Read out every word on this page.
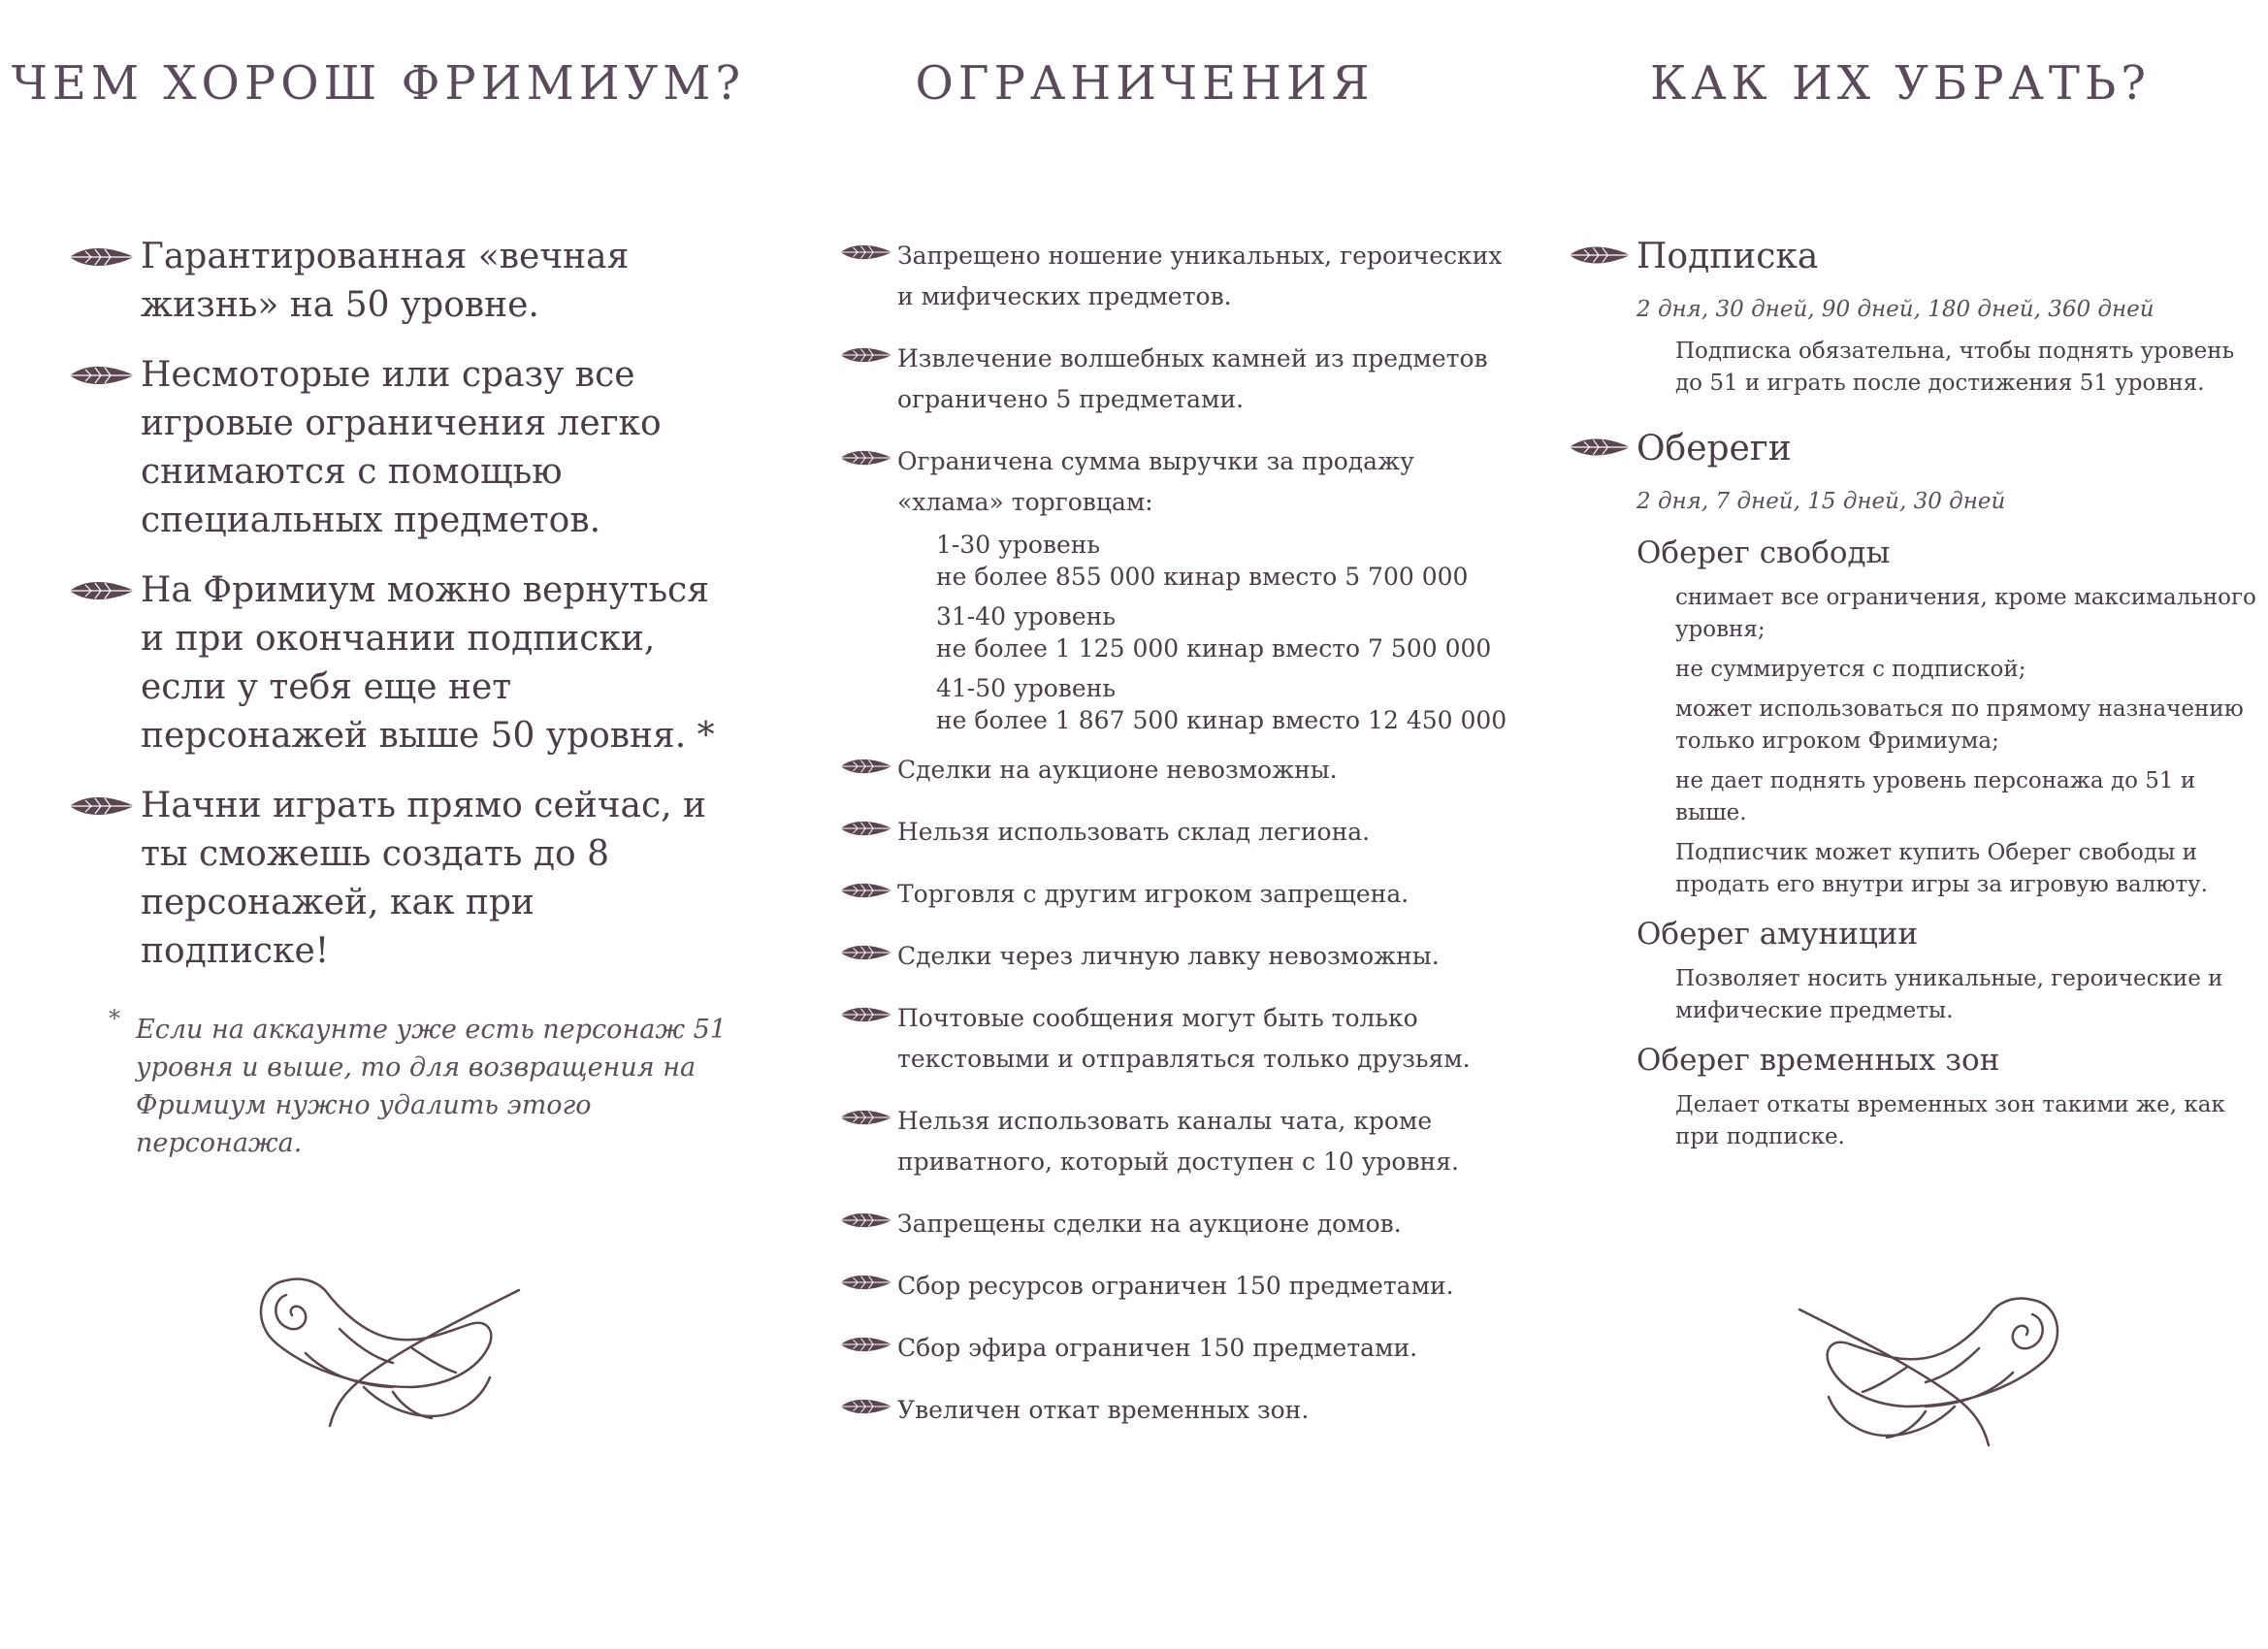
ЧЕМ ХОРОШ ФРИМИУМ?
Гарантированная «вечная жизнь» на 50 уровне.
Несмоторые или сразу все игровые ограничения легко снимаются с помощью специальных предметов.
На Фримиум можно вернуться и при окончании подписки, если у тебя еще нет персонажей выше 50 уровня. *
Начни играть прямо сейчас, и ты сможешь создать до 8 персонажей, как при подписке!
* Если на аккаунте уже есть персонаж 51 уровня и выше, то для возвращения на Фримиум нужно удалить этого персонажа.
ОГРАНИЧЕНИЯ
Запрещено ношение уникальных, героических и мифических предметов.
Извлечение волшебных камней из предметов ограничено 5 предметами.
Ограничена сумма выручки за продажу «хлама» торговцам:
1-30 уровень
не более 855 000 кинар вместо 5 700 000
31-40 уровень
не более 1 125 000 кинар вместо 7 500 000
41-50 уровень
не более 1 867 500 кинар вместо 12 450 000
Сделки на аукционе невозможны.
Нельзя использовать склад легиона.
Торговля с другим игроком запрещена.
Сделки через личную лавку невозможны.
Почтовые сообщения могут быть только текстовыми и отправляться только друзьям.
Нельзя использовать каналы чата, кроме приватного, который доступен с 10 уровня.
Запрещены сделки на аукционе домов.
Сбор ресурсов ограничен 150 предметами.
Сбор эфира ограничен 150 предметами.
Увеличен откат временных зон.
КАК ИХ УБРАТЬ?
Подписка
2 дня, 30 дней, 90 дней, 180 дней, 360 дней
Подписка обязательна, чтобы поднять уровень до 51 и играть после достижения 51 уровня.
Обереги
2 дня, 7 дней, 15 дней, 30 дней
Оберег свободы
снимает все ограничения, кроме максимального уровня;
не суммируется с подпиской;
может использоваться по прямому назначению только игроком Фримиума;
не дает поднять уровень персонажа до 51 и выше.
Подписчик может купить Оберег свободы и продать его внутри игры за игровую валюту.
Оберег амуниции
Позволяет носить уникальные, героические и мифические предметы.
Оберег временных зон
Делает откаты временных зон такими же, как при подписке.
